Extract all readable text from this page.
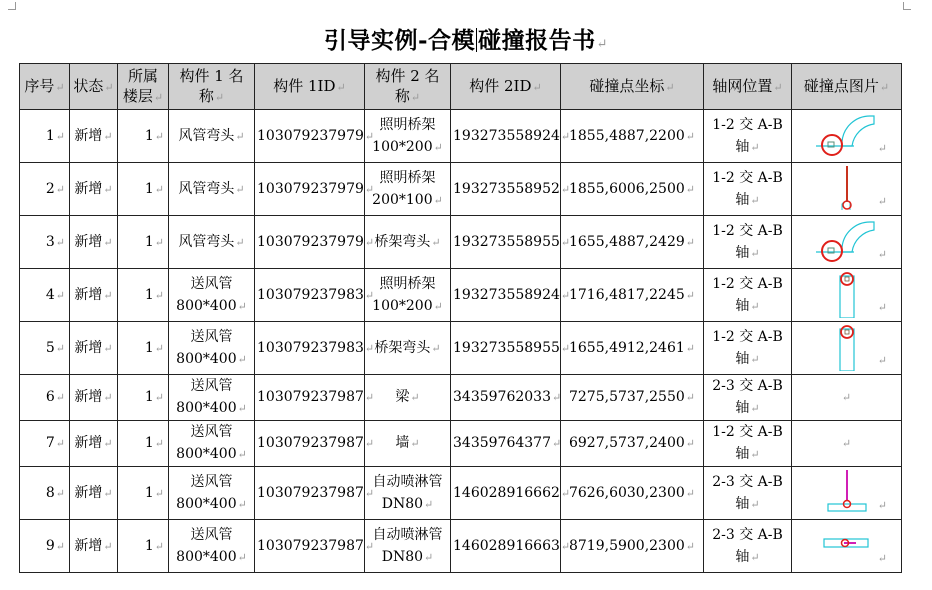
引导实例-合模 碰撞报告书↵
序号↵	状态↵	所属
楼层↵	构件 1 名
称↵	构件 1ID↵	构件 2 名
称↵	构件 2ID↵	碰撞点坐标↵	轴网位置↵	碰撞点图片↵
1↵	新增↵	1↵	风管弯头↵	103079237979↵	照明桥架
100*200↵	193273558924↵	1855,4887,2200↵	1-2 交 A-B
轴↵	↵

2↵	新增↵	1↵	风管弯头↵	103079237979↵	照明桥架
200*100↵	193273558952↵	1855,6006,2500↵	1-2 交 A-B
轴↵	↵

3↵	新增↵	1↵	风管弯头↵	103079237979↵	桥架弯头↵	193273558955↵	1655,4887,2429↵	1-2 交 A-B
轴↵	↵

4↵	新增↵	1↵	送风管
800*400↵	103079237983↵	照明桥架
100*200↵	193273558924↵	1716,4817,2245↵	1-2 交 A-B
轴↵	↵

5↵	新增↵	1↵	送风管
800*400↵	103079237983↵	桥架弯头↵	193273558955↵	1655,4912,2461↵	1-2 交 A-B
轴↵	↵

6↵	新增↵	1↵	送风管
800*400↵	103079237987↵	梁↵	34359762033↵	7275,5737,2550↵	2-3 交 A-B
轴↵	↵
7↵	新增↵	1↵	送风管
800*400↵	103079237987↵	墙↵	34359764377↵	6927,5737,2400↵	1-2 交 A-B
轴↵	↵
8↵	新增↵	1↵	送风管
800*400↵	103079237987↵	自动喷淋管
DN80↵	146028916662↵	7626,6030,2300↵	2-3 交 A-B
轴↵	↵

9↵	新增↵	1↵	送风管
800*400↵	103079237987↵	自动喷淋管
DN80↵	146028916663↵	8719,5900,2300↵	2-3 交 A-B
轴↵	↵
